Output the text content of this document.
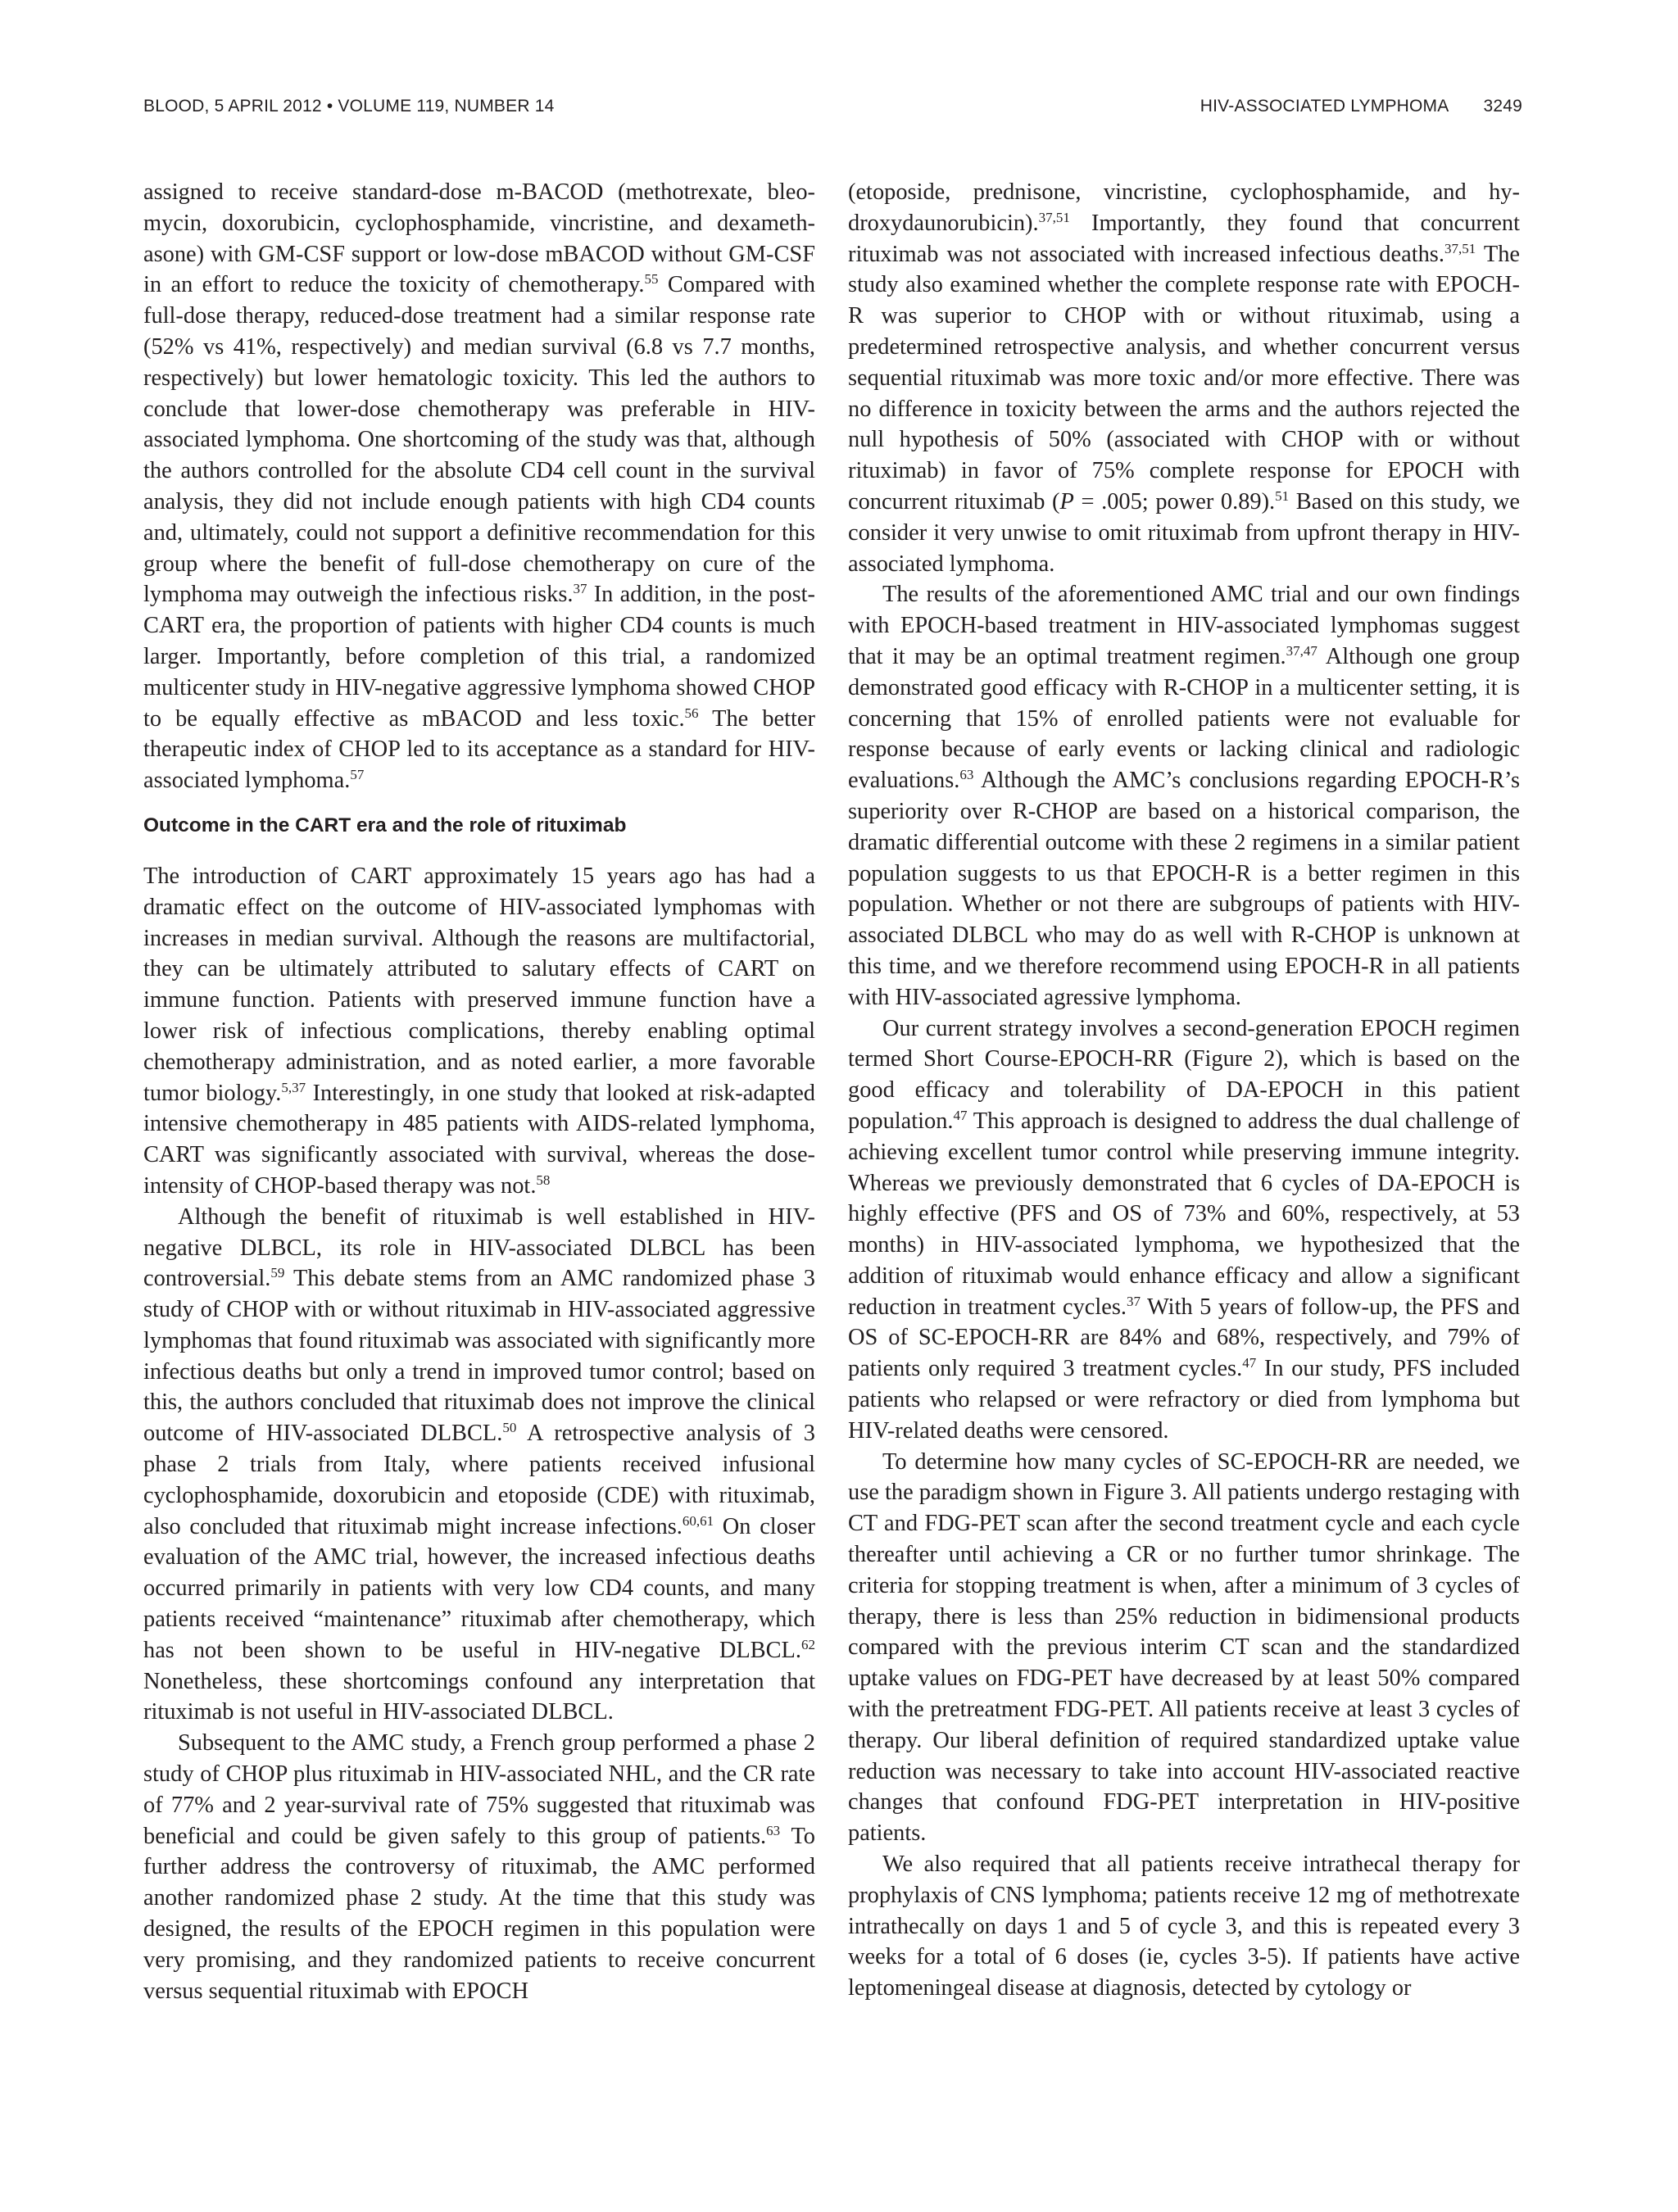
BLOOD, 5 APRIL 2012 • VOLUME 119, NUMBER 14	HIV-ASSOCIATED LYMPHOMA 3249

assigned to receive standard-dose m-BACOD (methotrexate, bleomycin, doxorubicin, cyclophosphamide, vincristine, and dexamethasone) with GM-CSF support or low-dose mBACOD without GM-CSF in an effort to reduce the toxicity of chemotherapy.$^{55}$ Compared with full-dose therapy, reduced-dose treatment had a similar response rate (52% vs 41%, respectively) and median survival (6.8 vs 7.7 months, respectively) but lower hematologic toxicity. This led the authors to conclude that lower-dose chemotherapy was preferable in HIV-associated lymphoma. One shortcoming of the study was that, although the authors controlled for the absolute CD4 cell count in the survival analysis, they did not include enough patients with high CD4 counts and, ultimately, could not support a definitive recommendation for this group where the benefit of full-dose chemotherapy on cure of the lymphoma may outweigh the infectious risks.$^{37}$ In addition, in the post-CART era, the proportion of patients with higher CD4 counts is much larger. Importantly, before completion of this trial, a randomized multicenter study in HIV-negative aggressive lymphoma showed CHOP to be equally effective as mBACOD and less toxic.$^{56}$ The better therapeutic index of CHOP led to its acceptance as a standard for HIV-associated lymphoma.$^{57}$

Outcome in the CART era and the role of rituximab

The introduction of CART approximately 15 years ago has had a dramatic effect on the outcome of HIV-associated lymphomas with increases in median survival. Although the reasons are multifactorial, they can be ultimately attributed to salutary effects of CART on immune function. Patients with preserved immune function have a lower risk of infectious complications, thereby enabling optimal chemotherapy administration, and as noted earlier, a more favorable tumor biology.$^{5,37}$ Interestingly, in one study that looked at risk-adapted intensive chemotherapy in 485 patients with AIDS-related lymphoma, CART was significantly associated with survival, whereas the dose-intensity of CHOP-based therapy was not.$^{58}$

Although the benefit of rituximab is well established in HIV-negative DLBCL, its role in HIV-associated DLBCL has been controversial.$^{59}$ This debate stems from an AMC randomized phase 3 study of CHOP with or without rituximab in HIV-associated aggressive lymphomas that found rituximab was associated with significantly more infectious deaths but only a trend in improved tumor control; based on this, the authors concluded that rituximab does not improve the clinical outcome of HIV-associated DLBCL.$^{50}$ A retrospective analysis of 3 phase 2 trials from Italy, where patients received infusional cyclophosphamide, doxorubicin and etoposide (CDE) with rituximab, also concluded that rituximab might increase infections.$^{60,61}$ On closer evaluation of the AMC trial, however, the increased infectious deaths occurred primarily in patients with very low CD4 counts, and many patients received “maintenance” rituximab after chemotherapy, which has not been shown to be useful in HIV-negative DLBCL.$^{62}$ Nonetheless, these shortcomings confound any interpretation that rituximab is not useful in HIV-associated DLBCL.

Subsequent to the AMC study, a French group performed a phase 2 study of CHOP plus rituximab in HIV-associated NHL, and the CR rate of 77% and 2 year-survival rate of 75% suggested that rituximab was beneficial and could be given safely to this group of patients.$^{63}$ To further address the controversy of rituximab, the AMC performed another randomized phase 2 study. At the time that this study was designed, the results of the EPOCH regimen in this population were very promising, and they randomized patients to receive concurrent versus sequential rituximab with EPOCH

(etoposide, prednisone, vincristine, cyclophosphamide, and hydroxydaunorubicin).$^{37,51}$ Importantly, they found that concurrent rituximab was not associated with increased infectious deaths.$^{37,51}$ The study also examined whether the complete response rate with EPOCH-R was superior to CHOP with or without rituximab, using a predetermined retrospective analysis, and whether concurrent versus sequential rituximab was more toxic and/or more effective. There was no difference in toxicity between the arms and the authors rejected the null hypothesis of 50% (associated with CHOP with or without rituximab) in favor of 75% complete response for EPOCH with concurrent rituximab (P = .005; power 0.89).$^{51}$ Based on this study, we consider it very unwise to omit rituximab from upfront therapy in HIV-associated lymphoma.

The results of the aforementioned AMC trial and our own findings with EPOCH-based treatment in HIV-associated lymphomas suggest that it may be an optimal treatment regimen.$^{37,47}$ Although one group demonstrated good efficacy with R-CHOP in a multicenter setting, it is concerning that 15% of enrolled patients were not evaluable for response because of early events or lacking clinical and radiologic evaluations.$^{63}$ Although the AMC’s conclusions regarding EPOCH-R’s superiority over R-CHOP are based on a historical comparison, the dramatic differential outcome with these 2 regimens in a similar patient population suggests to us that EPOCH-R is a better regimen in this population. Whether or not there are subgroups of patients with HIV-associated DLBCL who may do as well with R-CHOP is unknown at this time, and we therefore recommend using EPOCH-R in all patients with HIV-associated agressive lymphoma.

Our current strategy involves a second-generation EPOCH regimen termed Short Course-EPOCH-RR (Figure 2), which is based on the good efficacy and tolerability of DA-EPOCH in this patient population.$^{47}$ This approach is designed to address the dual challenge of achieving excellent tumor control while preserving immune integrity. Whereas we previously demonstrated that 6 cycles of DA-EPOCH is highly effective (PFS and OS of 73% and 60%, respectively, at 53 months) in HIV-associated lymphoma, we hypothesized that the addition of rituximab would enhance efficacy and allow a significant reduction in treatment cycles.$^{37}$ With 5 years of follow-up, the PFS and OS of SC-EPOCH-RR are 84% and 68%, respectively, and 79% of patients only required 3 treatment cycles.$^{47}$ In our study, PFS included patients who relapsed or were refractory or died from lymphoma but HIV-related deaths were censored.

To determine how many cycles of SC-EPOCH-RR are needed, we use the paradigm shown in Figure 3. All patients undergo restaging with CT and FDG-PET scan after the second treatment cycle and each cycle thereafter until achieving a CR or no further tumor shrinkage. The criteria for stopping treatment is when, after a minimum of 3 cycles of therapy, there is less than 25% reduction in bidimensional products compared with the previous interim CT scan and the standardized uptake values on FDG-PET have decreased by at least 50% compared with the pretreatment FDG-PET. All patients receive at least 3 cycles of therapy. Our liberal definition of required standardized uptake value reduction was necessary to take into account HIV-associated reactive changes that confound FDG-PET interpretation in HIV-positive patients.

We also required that all patients receive intrathecal therapy for prophylaxis of CNS lymphoma; patients receive 12 mg of methotrexate intrathecally on days 1 and 5 of cycle 3, and this is repeated every 3 weeks for a total of 6 doses (ie, cycles 3-5). If patients have active leptomeningeal disease at diagnosis, detected by cytology or
